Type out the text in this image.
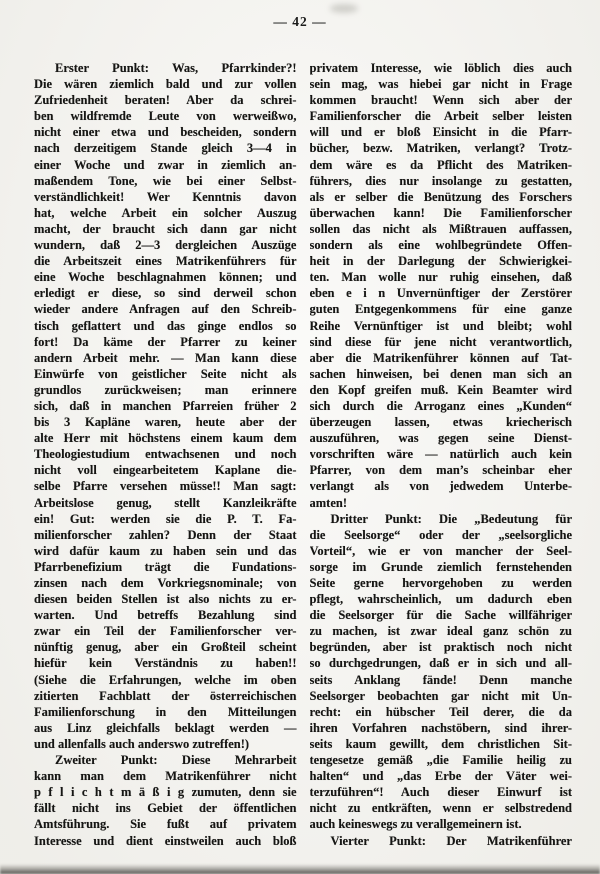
— 42 —
Erster Punkt: Was, Pfarrkinder?!
Die wären ziemlich bald und zur vollen
Zufriedenheit beraten! Aber da schrei-
ben wildfremde Leute von werweißwo,
nicht einer etwa und bescheiden, sondern
nach derzeitigem Stande gleich 3—4 in
einer Woche und zwar in ziemlich an-
maßendem Tone, wie bei einer Selbst-
verständlichkeit! Wer Kenntnis davon
hat, welche Arbeit ein solcher Auszug
macht, der braucht sich dann gar nicht
wundern, daß 2—3 dergleichen Auszüge
die Arbeitszeit eines Matrikenführers für
eine Woche beschlagnahmen können; und
erledigt er diese, so sind derweil schon
wieder andere Anfragen auf den Schreib-
tisch geflattert und das ginge endlos so
fort! Da käme der Pfarrer zu keiner
andern Arbeit mehr. — Man kann diese
Einwürfe von geistlicher Seite nicht als
grundlos zurückweisen; man erinnere
sich, daß in manchen Pfarreien früher 2
bis 3 Kapläne waren, heute aber der
alte Herr mit höchstens einem kaum dem
Theologiestudium entwachsenen und noch
nicht voll eingearbeitetem Kaplane die-
selbe Pfarre versehen müsse!! Man sagt:
Arbeitslose genug, stellt Kanzleikräfte
ein! Gut: werden sie die P. T. Fa-
milienforscher zahlen? Denn der Staat
wird dafür kaum zu haben sein und das
Pfarrbenefizium trägt die Fundations-
zinsen nach dem Vorkriegsnominale; von
diesen beiden Stellen ist also nichts zu er-
warten. Und betreffs Bezahlung sind
zwar ein Teil der Familienforscher ver-
nünftig genug, aber ein Großteil scheint
hiefür kein Verständnis zu haben!!
(Siehe die Erfahrungen, welche im oben
zitierten Fachblatt der österreichischen
Familienforschung in den Mitteilungen
aus Linz gleichfalls beklagt werden —
und allenfalls auch anderswo zutreffen!)
Zweiter Punkt: Diese Mehrarbeit
kann man dem Matrikenführer nicht
p f l i c h t m ä ß i g zumuten, denn sie
fällt nicht ins Gebiet der öffentlichen
Amtsführung. Sie fußt auf privatem
Interesse und dient einstweilen auch bloß
privatem Interesse, wie löblich dies auch
sein mag, was hiebei gar nicht in Frage
kommen braucht! Wenn sich aber der
Familienforscher die Arbeit selber leisten
will und er bloß Einsicht in die Pfarr-
bücher, bezw. Matriken, verlangt? Trotz-
dem wäre es da Pflicht des Matriken-
führers, dies nur insolange zu gestatten,
als er selber die Benützung des Forschers
überwachen kann! Die Familienforscher
sollen das nicht als Mißtrauen auffassen,
sondern als eine wohlbegründete Offen-
heit in der Darlegung der Schwierigkei-
ten. Man wolle nur ruhig einsehen, daß
eben e i n Unvernünftiger der Zerstörer
guten Entgegenkommens für eine ganze
Reihe Vernünftiger ist und bleibt; wohl
sind diese für jene nicht verantwortlich,
aber die Matrikenführer können auf Tat-
sachen hinweisen, bei denen man sich an
den Kopf greifen muß. Kein Beamter wird
sich durch die Arroganz eines „Kunden“
überzeugen lassen, etwas kriecherisch
auszuführen, was gegen seine Dienst-
vorschriften wäre — natürlich auch kein
Pfarrer, von dem man’s scheinbar eher
verlangt als von jedwedem Unterbe-
amten!
Dritter Punkt: Die „Bedeutung für
die Seelsorge“ oder der „seelsorgliche
Vorteil“, wie er von mancher der Seel-
sorge im Grunde ziemlich fernstehenden
Seite gerne hervorgehoben zu werden
pflegt, wahrscheinlich, um dadurch eben
die Seelsorger für die Sache willfähriger
zu machen, ist zwar ideal ganz schön zu
begründen, aber ist praktisch noch nicht
so durchgedrungen, daß er in sich und all-
seits Anklang fände! Denn manche
Seelsorger beobachten gar nicht mit Un-
recht: ein hübscher Teil derer, die da
ihren Vorfahren nachstöbern, sind ihrer-
seits kaum gewillt, dem christlichen Sit-
tengesetze gemäß „die Familie heilig zu
halten“ und „das Erbe der Väter wei-
terzuführen“! Auch dieser Einwurf ist
nicht zu entkräften, wenn er selbstredend
auch keineswegs zu verallgemeinern ist.
Vierter Punkt: Der Matrikenführer
